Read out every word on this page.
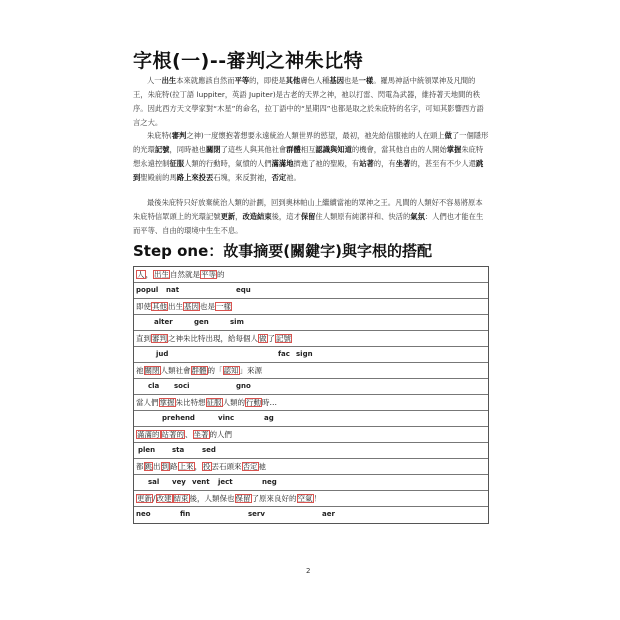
字根(一)--審判之神朱比特
人一出生本來就應該自然而平等的，即使是其他膚色人種基因也是一樣。羅馬神話中統領眾神及凡間的王，朱庇特(拉丁語 luppiter，英語 Jupiter)是古老的天界之神，祂以打雷、閃電為武器，維持著天地間的秩序。因此西方天文學家對“木星”的命名，拉丁語中的“星期四”也都是取之於朱庇特的名字，可知其影響西方語言之大。
朱庇特(審判之神)一度懷抱著想要永遠統治人類世界的慾望，最初，祂先給信服祂的人在頭上做了一個隱形的光環記號，同時祂也關閉了這些人與其他社會群體相互認識與知道的機會，當其他自由的人開始掌握朱庇特想永遠控制征服人類的行動時，氣憤的人們滿滿地擠進了祂的聖殿，有站著的，有坐著的，甚至有不少人還跳到聖殿前的馬路上來投丟石塊，來反對祂，否定祂。
最後朱庇特只好放棄統治人類的計劃，回到奧林帕山上繼續當祂的眾神之王。凡間的人類好不容易將原本朱庇特信眾頭上的光環記號更新，改造結束後，這才保留住人類原有純潔祥和、快活的氣氛：人們也才能在生而平等、自由的環境中生生不息。
Step one：故事摘要(關鍵字)與字根的搭配
人，出生自然就是平等的
popul nat	equ
即使其他出生基因也是一樣
alter	gen	sim
直到審判之神朱比特出現，給每個人做了記號
jud	fac sign
祂關閉人類社會群體的「認知」來源
cla soci	gno
當人們掌握朱比特想征服人類的行動時…
prehend	vinc	ag
滿滿的 站著的、坐著的人們
plen sta	sed
都跳出到路上來，投丟石頭來否定祂
sal vey vent ject	neg
更新/改建 結束後，人類保也保留了原來良好的空氣！
neo	fin	serv	aer
2
